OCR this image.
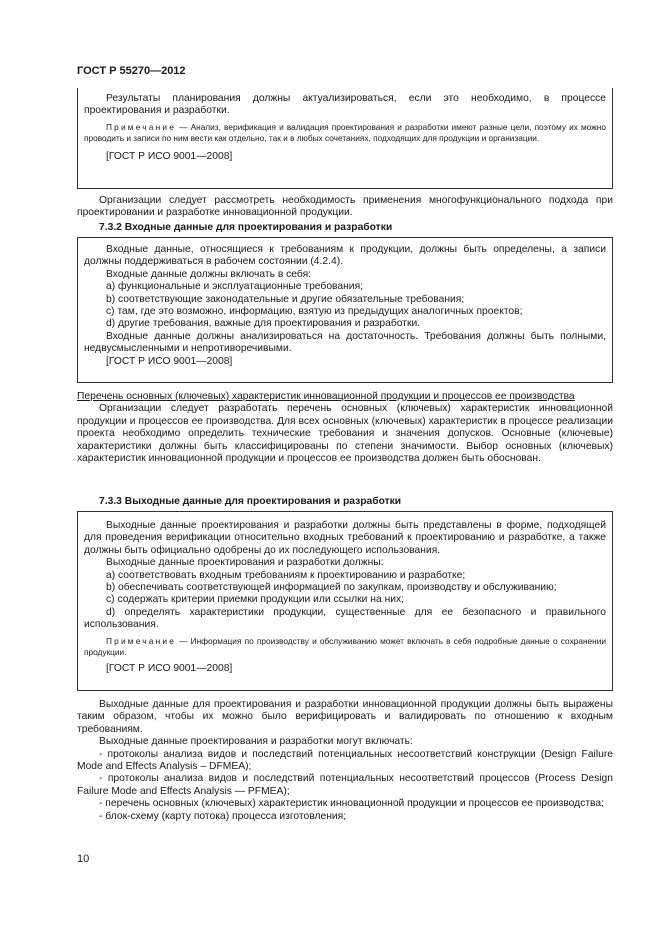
ГОСТ Р 55270—2012

Результаты планирования должны актуализироваться, если это необходимо, в процессе проектирования и разработки.

Примечание — Анализ, верификация и валидация проектирования и разработки имеют разные цели, поэтому их можно проводить и записи по ним вести как отдельно, так и в любых сочетаниях, подходящих для продукции и организации.

[ГОСТ Р ИСО 9001—2008]

Организации следует рассмотреть необходимость применения многофункционального подхода при проектировании и разработке инновационной продукции.

7.3.2 Входные данные для проектирования и разработки

Входные данные, относящиеся к требованиям к продукции, должны быть определены, а записи должны поддерживаться в рабочем состоянии (4.2.4).

Входные данные должны включать в себя:

а) функциональные и эксплуатационные требования;

b) соответствующие законодательные и другие обязательные требования;

c) там, где это возможно, информацию, взятую из предыдущих аналогичных проектов;

d) другие требования, важные для проектирования и разработки.

Входные данные должны анализироваться на достаточность. Требования должны быть полными, недвусмысленными и непротиворечивыми.

[ГОСТ Р ИСО 9001—2008]

Перечень основных (ключевых) характеристик инновационной продукции и процессов ее производства

Организации следует разработать перечень основных (ключевых) характеристик инновационной продукции и процессов ее производства. Для всех основных (ключевых) характеристик в процессе реализации проекта необходимо определить технические требования и значения допусков. Основные (ключевые) характеристики должны быть классифицированы по степени значимости. Выбор основных (ключевых) характеристик инновационной продукции и процессов ее производства должен быть обоснован.

7.3.3 Выходные данные для проектирования и разработки

Выходные данные проектирования и разработки должны быть представлены в форме, подходящей для проведения верификации относительно входных требований к проектированию и разработке, а также должны быть официально одобрены до их последующего использования.

Выходные данные проектирования и разработки должны:

а) соответствовать входным требованиям к проектированию и разработке;

b) обеспечивать соответствующей информацией по закупкам, производству и обслуживанию;

c) содержать критерии приемки продукции или ссылки на них;

d) определять характеристики продукции, существенные для ее безопасного и правильного использования.

Примечание — Информация по производству и обслуживанию может включать в себя подробные данные о сохранении продукции.

[ГОСТ Р ИСО 9001—2008]

Выходные данные для проектирования и разработки инновационной продукции должны быть выражены таким образом, чтобы их можно было верифицировать и валидировать по отношению к входным требованиям.

Выходные данные проектирования и разработки могут включать:

- протоколы анализа видов и последствий потенциальных несоответствий конструкции (Design Failure Mode and Effects Analysis – DFMEA);

- протоколы анализа видов и последствий потенциальных несоответствий процессов (Process Design Failure Mode and Effects Analysis — PFMEA);

- перечень основных (ключевых) характеристик инновационной продукции и процессов ее производства;

- блок-схему (карту потока) процесса изготовления;

10
